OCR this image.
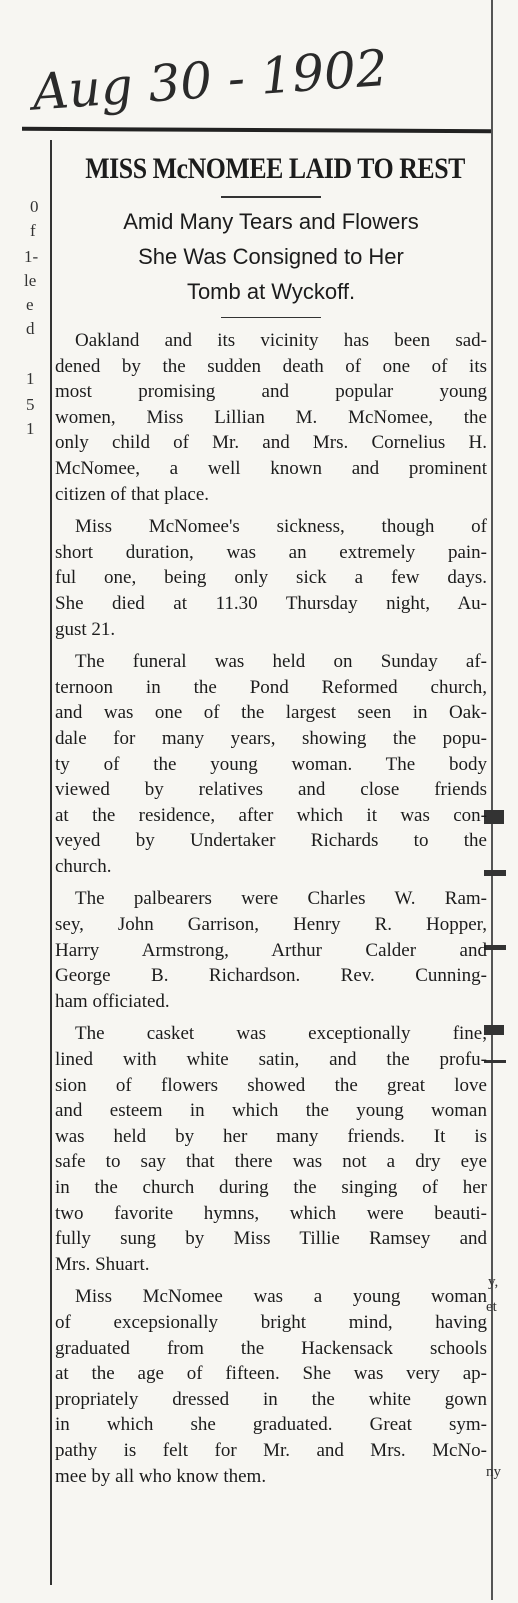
Aug 30 - 1902
0
f
1-
le
e
d
1
5
1
y,
et
ny
MISS McNOMEE LAID TO REST
Amid Many Tears and Flowers
She Was Consigned to Her
Tomb at Wyckoff.
Oakland and its vicinity has been sad-
dened by the sudden death of one of its
most promising and popular young
women, Miss Lillian M. McNomee, the
only child of Mr. and Mrs. Cornelius H.
McNomee, a well known and prominent
citizen of that place.
Miss McNomee's sickness, though of
short duration, was an extremely pain-
ful one, being only sick a few days.
She died at 11.30 Thursday night, Au-
gust 21.
The funeral was held on Sunday af-
ternoon in the Pond Reformed church,
and was one of the largest seen in Oak-
dale for many years, showing the popu-
ty of the young woman. The body
viewed by relatives and close friends
at the residence, after which it was con-
veyed by Undertaker Richards to the
church.
The palbearers were Charles W. Ram-
sey, John Garrison, Henry R. Hopper,
Harry Armstrong, Arthur Calder and
George B. Richardson. Rev. Cunning-
ham officiated.
The casket was exceptionally fine,
lined with white satin, and the profu-
sion of flowers showed the great love
and esteem in which the young woman
was held by her many friends. It is
safe to say that there was not a dry eye
in the church during the singing of her
two favorite hymns, which were beauti-
fully sung by Miss Tillie Ramsey and
Mrs. Shuart.
Miss McNomee was a young woman
of excepsionally bright mind, having
graduated from the Hackensack schools
at the age of fifteen. She was very ap-
propriately dressed in the white gown
in which she graduated. Great sym-
pathy is felt for Mr. and Mrs. McNo-
mee by all who know them.
